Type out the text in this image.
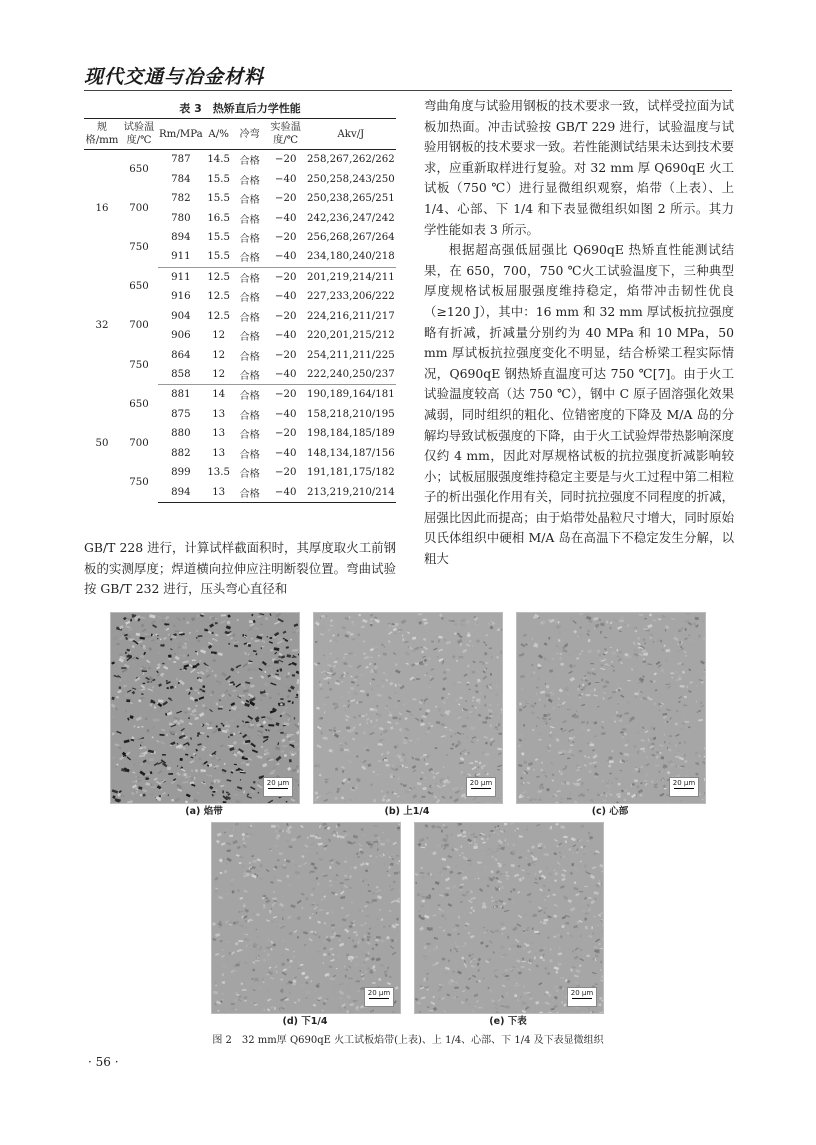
现代交通与冶金材料
表 3　热矫直后力学性能
规格/mm	试验温度/℃	Rm/MPa	A/%	冷弯	实验温度/℃	Akv/J
16	650	787	14.5	合格	−20	258,267,262/262
		784	15.5	合格	−40	250,258,243/250
	700	782	15.5	合格	−20	250,238,265/251
		780	16.5	合格	−40	242,236,247/242
	750	894	15.5	合格	−20	256,268,267/264
		911	15.5	合格	−40	234,180,240/218
32	650	911	12.5	合格	−20	201,219,214/211
		916	12.5	合格	−40	227,233,206/222
	700	904	12.5	合格	−20	224,216,211/217
		906	12	合格	−40	220,201,215/212
	750	864	12	合格	−20	254,211,211/225
		858	12	合格	−40	222,240,250/237
50	650	881	14	合格	−20	190,189,164/181
		875	13	合格	−40	158,218,210/195
	700	880	13	合格	−20	198,184,185/189
		882	13	合格	−40	148,134,187/156
	750	899	13.5	合格	−20	191,181,175/182
		894	13	合格	−40	213,219,210/214
GB/T 228 进行，计算试样截面积时，其厚度取火工前钢板的实测厚度；焊道横向拉伸应注明断裂位置。弯曲试验按 GB/T 232 进行，压头弯心直径和

弯曲角度与试验用钢板的技术要求一致，试样受拉面为试板加热面。冲击试验按 GB/T 229 进行，试验温度与试验用钢板的技术要求一致。若性能测试结果未达到技术要求，应重新取样进行复验。对 32 mm 厚 Q690qE 火工试板（750 ℃）进行显微组织观察，焰带（上表）、上 1/4、心部、下 1/4 和下表显微组织如图 2 所示。其力学性能如表 3 所示。

根据超高强低屈强比 Q690qE 热矫直性能测试结果，在 650，700，750 ℃火工试验温度下，三种典型厚度规格试板屈服强度维持稳定，焰带冲击韧性优良（≥120 J），其中：16 mm 和 32 mm 厚试板抗拉强度略有折减，折减量分别约为 40 MPa 和 10 MPa，50 mm 厚试板抗拉强度变化不明显，结合桥梁工程实际情况，Q690qE 钢热矫直温度可达 750 ℃[7]。由于火工试验温度较高（达 750 ℃），钢中 C 原子固溶强化效果减弱，同时组织的粗化、位错密度的下降及 M/A 岛的分解均导致试板强度的下降，由于火工试验焊带热影响深度仅约 4 mm，因此对厚规格试板的抗拉强度折减影响较小；试板屈服强度维持稳定主要是与火工过程中第二相粒子的析出强化作用有关，同时抗拉强度不同程度的折减，屈强比因此而提高；由于焰带处晶粒尺寸增大，同时原始贝氏体组织中硬相 M/A 岛在高温下不稳定发生分解，以粗大

20 μm
(a) 焰带
20 μm
(b) 上1/4
20 μm
(c) 心部
20 μm
(d) 下1/4
20 μm
(e) 下表
图 2　32 mm厚 Q690qE 火工试板焰带(上表)、上 1/4、心部、下 1/4 及下表显微组织
· 56 ·
